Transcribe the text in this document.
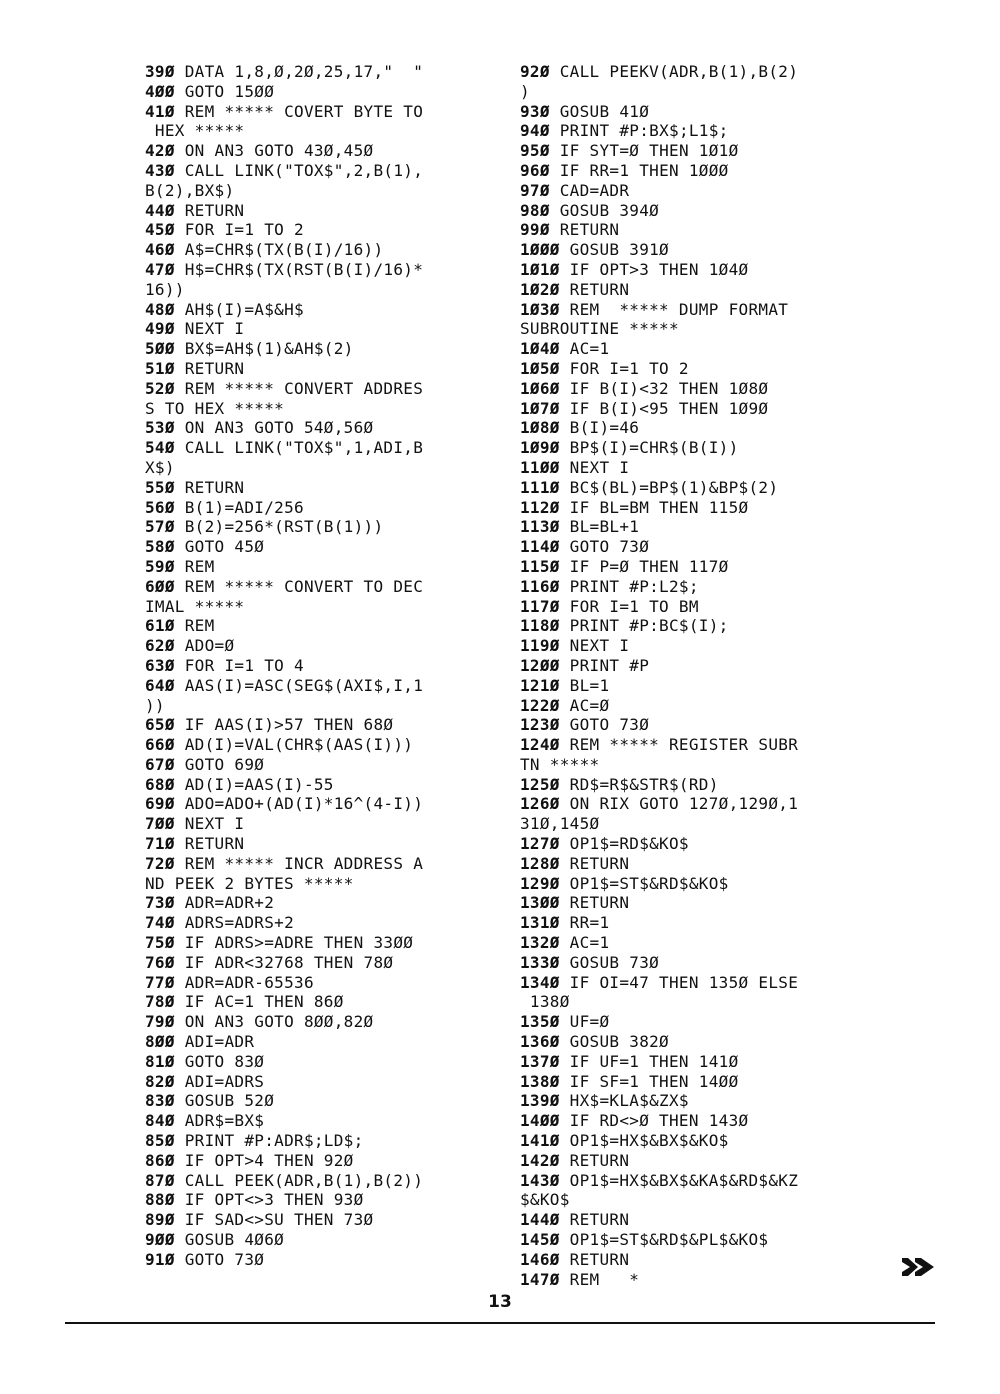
39Ø DATA 1,8,Ø,2Ø,25,17,"  "
4ØØ GOTO 15ØØ
41Ø REM ***** COVERT BYTE TO
HEX *****
42Ø ON AN3 GOTO 43Ø,45Ø
43Ø CALL LINK("TOX$",2,B(1),
B(2),BX$)
44Ø RETURN
45Ø FOR I=1 TO 2
46Ø A$=CHR$(TX(B(I)/16))
47Ø H$=CHR$(TX(RST(B(I)/16)*
16))
48Ø AH$(I)=A$&H$
49Ø NEXT I
5ØØ BX$=AH$(1)&AH$(2)
51Ø RETURN
52Ø REM ***** CONVERT ADDRES
S TO HEX *****
53Ø ON AN3 GOTO 54Ø,56Ø
54Ø CALL LINK("TOX$",1,ADI,B
X$)
55Ø RETURN
56Ø B(1)=ADI/256
57Ø B(2)=256*(RST(B(1)))
58Ø GOTO 45Ø
59Ø REM
6ØØ REM ***** CONVERT TO DEC
IMAL *****
61Ø REM
62Ø ADO=Ø
63Ø FOR I=1 TO 4
64Ø AAS(I)=ASC(SEG$(AXI$,I,1
))
65Ø IF AAS(I)>57 THEN 68Ø
66Ø AD(I)=VAL(CHR$(AAS(I)))
67Ø GOTO 69Ø
68Ø AD(I)=AAS(I)-55
69Ø ADO=ADO+(AD(I)*16^(4-I))
7ØØ NEXT I
71Ø RETURN
72Ø REM ***** INCR ADDRESS A
ND PEEK 2 BYTES *****
73Ø ADR=ADR+2
74Ø ADRS=ADRS+2
75Ø IF ADRS>=ADRE THEN 33ØØ
76Ø IF ADR<32768 THEN 78Ø
77Ø ADR=ADR-65536
78Ø IF AC=1 THEN 86Ø
79Ø ON AN3 GOTO 8ØØ,82Ø
8ØØ ADI=ADR
81Ø GOTO 83Ø
82Ø ADI=ADRS
83Ø GOSUB 52Ø
84Ø ADR$=BX$
85Ø PRINT #P:ADR$;LD$;
86Ø IF OPT>4 THEN 92Ø
87Ø CALL PEEK(ADR,B(1),B(2))
88Ø IF OPT<>3 THEN 93Ø
89Ø IF SAD<>SU THEN 73Ø
9ØØ GOSUB 4Ø6Ø
91Ø GOTO 73Ø
92Ø CALL PEEKV(ADR,B(1),B(2)
)
93Ø GOSUB 41Ø
94Ø PRINT #P:BX$;L1$;
95Ø IF SYT=Ø THEN 1Ø1Ø
96Ø IF RR=1 THEN 1ØØØ
97Ø CAD=ADR
98Ø GOSUB 394Ø
99Ø RETURN
1ØØØ GOSUB 391Ø
1Ø1Ø IF OPT>3 THEN 1Ø4Ø
1Ø2Ø RETURN
1Ø3Ø REM  ***** DUMP FORMAT
SUBROUTINE *****
1Ø4Ø AC=1
1Ø5Ø FOR I=1 TO 2
1Ø6Ø IF B(I)<32 THEN 1Ø8Ø
1Ø7Ø IF B(I)<95 THEN 1Ø9Ø
1Ø8Ø B(I)=46
1Ø9Ø BP$(I)=CHR$(B(I))
11ØØ NEXT I
111Ø BC$(BL)=BP$(1)&BP$(2)
112Ø IF BL=BM THEN 115Ø
113Ø BL=BL+1
114Ø GOTO 73Ø
115Ø IF P=Ø THEN 117Ø
116Ø PRINT #P:L2$;
117Ø FOR I=1 TO BM
118Ø PRINT #P:BC$(I);
119Ø NEXT I
12ØØ PRINT #P
121Ø BL=1
122Ø AC=Ø
123Ø GOTO 73Ø
124Ø REM ***** REGISTER SUBR
TN *****
125Ø RD$=R$&STR$(RD)
126Ø ON RIX GOTO 127Ø,129Ø,1
31Ø,145Ø
127Ø OP1$=RD$&KO$
128Ø RETURN
129Ø OP1$=ST$&RD$&KO$
13ØØ RETURN
131Ø RR=1
132Ø AC=1
133Ø GOSUB 73Ø
134Ø IF OI=47 THEN 135Ø ELSE
138Ø
135Ø UF=Ø
136Ø GOSUB 382Ø
137Ø IF UF=1 THEN 141Ø
138Ø IF SF=1 THEN 14ØØ
139Ø HX$=KLA$&ZX$
14ØØ IF RD<>Ø THEN 143Ø
141Ø OP1$=HX$&BX$&KO$
142Ø RETURN
143Ø OP1$=HX$&BX$&KA$&RD$&KZ
$&KO$
144Ø RETURN
145Ø OP1$=ST$&RD$&PL$&KO$
146Ø RETURN
147Ø REM   *
13
